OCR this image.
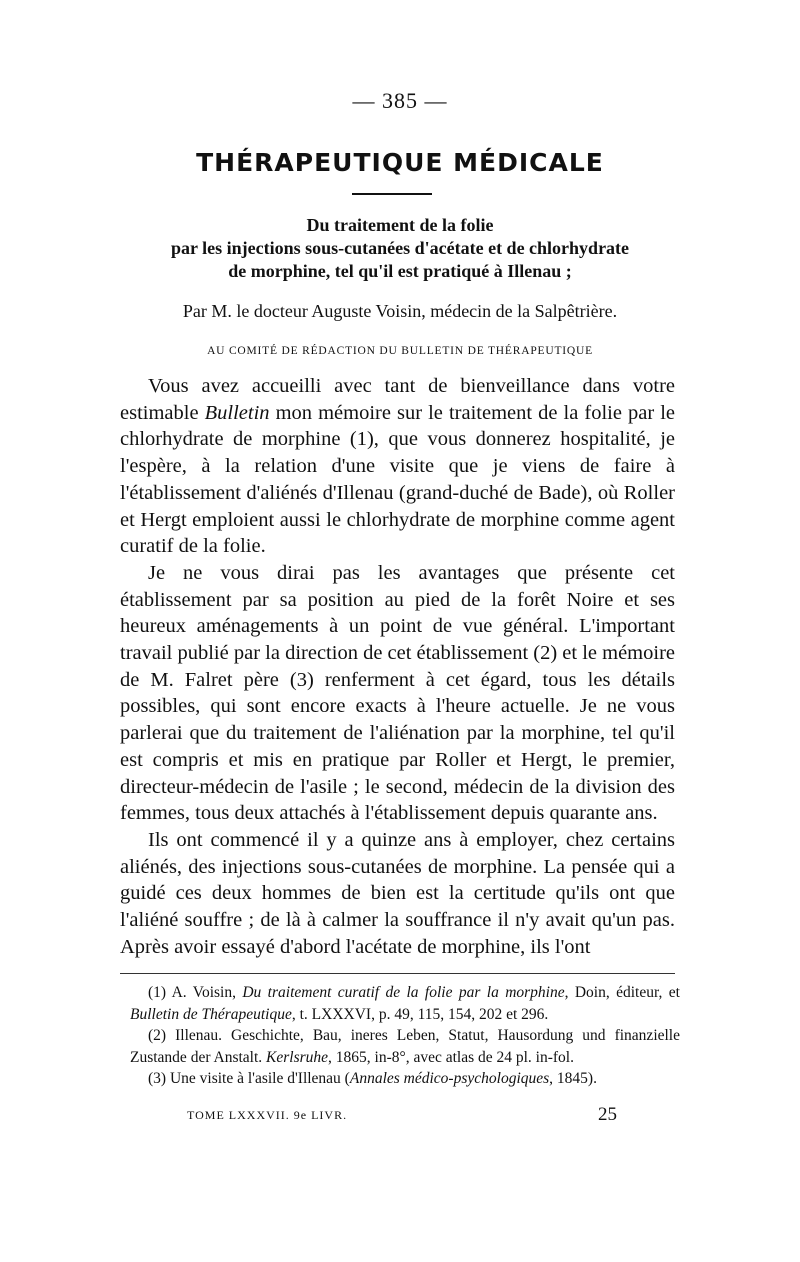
— 385 —
THÉRAPEUTIQUE MÉDICALE
Du traitement de la folie
par les injections sous-cutanées d'acétate et de chlorhydrate
de morphine, tel qu'il est pratiqué à Illenau ;
Par M. le docteur Auguste Voisin, médecin de la Salpêtrière.
AU COMITÉ DE RÉDACTION DU BULLETIN DE THÉRAPEUTIQUE

Vous avez accueilli avec tant de bienveillance dans votre estimable Bulletin mon mémoire sur le traitement de la folie par le chlorhydrate de morphine (1), que vous donnerez hospitalité, je l'espère, à la relation d'une visite que je viens de faire à l'établissement d'aliénés d'Illenau (grand-duché de Bade), où Roller et Hergt emploient aussi le chlorhydrate de morphine comme agent curatif de la folie.

Je ne vous dirai pas les avantages que présente cet établissement par sa position au pied de la forêt Noire et ses heureux aménagements à un point de vue général. L'important travail publié par la direction de cet établissement (2) et le mémoire de M. Falret père (3) renferment à cet égard, tous les détails possibles, qui sont encore exacts à l'heure actuelle. Je ne vous parlerai que du traitement de l'aliénation par la morphine, tel qu'il est compris et mis en pratique par Roller et Hergt, le premier, directeur-médecin de l'asile ; le second, médecin de la division des femmes, tous deux attachés à l'établissement depuis quarante ans.

Ils ont commencé il y a quinze ans à employer, chez certains aliénés, des injections sous-cutanées de morphine. La pensée qui a guidé ces deux hommes de bien est la certitude qu'ils ont que l'aliéné souffre ; de là à calmer la souffrance il n'y avait qu'un pas. Après avoir essayé d'abord l'acétate de morphine, ils l'ont

(1) A. Voisin, Du traitement curatif de la folie par la morphine, Doin, éditeur, et Bulletin de Thérapeutique, t. LXXXVI, p. 49, 115, 154, 202 et 296.

(2) Illenau. Geschichte, Bau, ineres Leben, Statut, Hausordung und finanzielle Zustande der Anstalt. Kerlsruhe, 1865, in-8°, avec atlas de 24 pl. in-fol.

(3) Une visite à l'asile d'Illenau (Annales médico-psychologiques, 1845).

TOME LXXXVII. 9e LIVR.	25
